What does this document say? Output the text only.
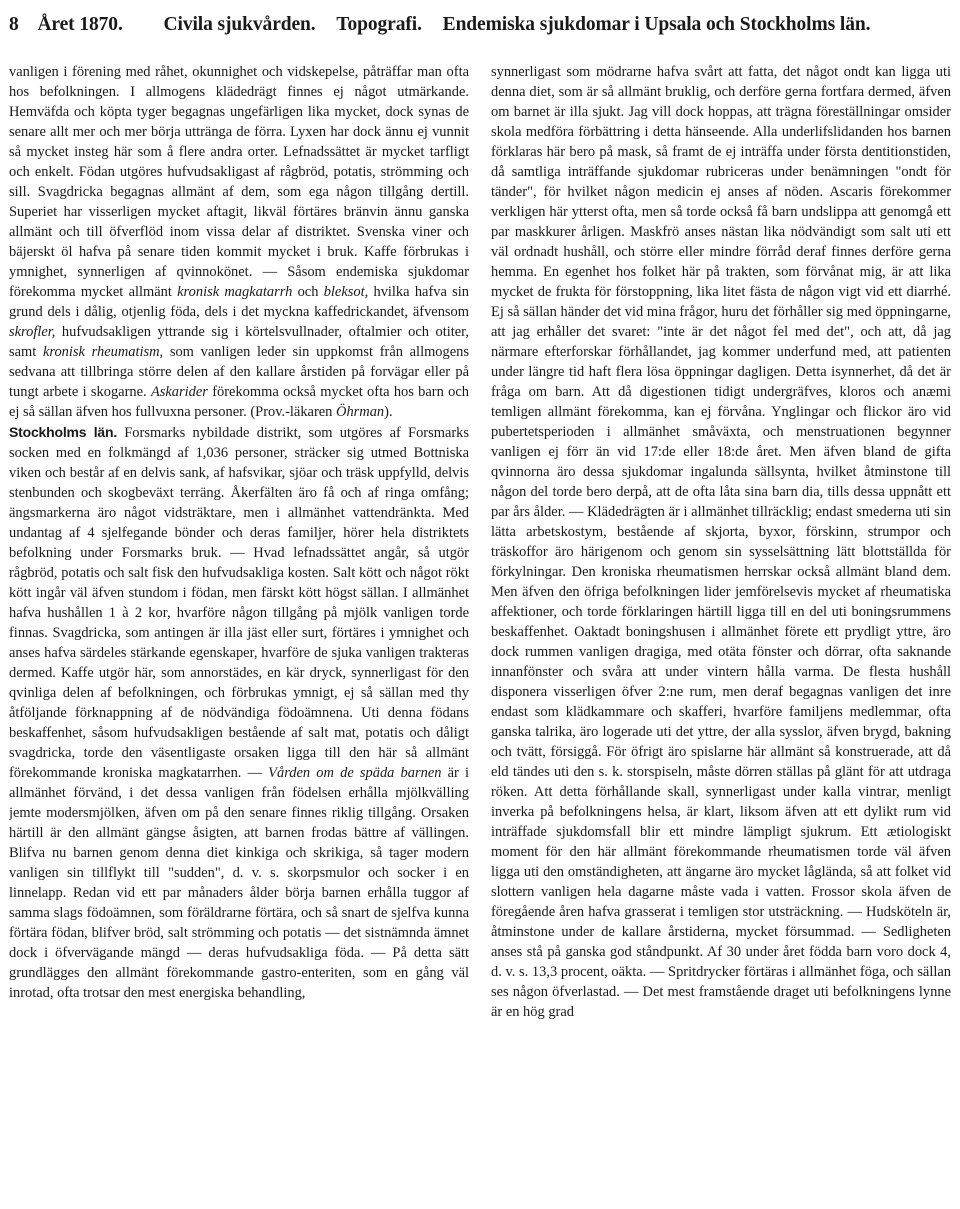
8 Året 1870. Civila sjukvården. Topografi. Endemiska sjukdomar i Upsala och Stockholms län.

vanligen i förening med råhet, okunnighet och vidskepelse, påträffar man ofta hos befolkningen. I allmogens klädedrägt finnes ej något utmärkande. Hemväfda och köpta tyger begagnas ungefärligen lika mycket, dock synas de senare allt mer och mer börja utträngа de förra. Lyxen har dock ännu ej vunnit så mycket insteg här som å flere andra orter. Lefnadssättet är mycket tarfligt och enkelt. Födan utgöres hufvudsakligast af rågbröd, potatis, strömming och sill. Svagdricka begagnas allmänt af dem, som ega någon tillgång dertill. Superiet har visserligen mycket aftagit, likväl förtäres bränvin ännu ganska allmänt och till öfverflöd inom vissa delar af distriktet. Svenska viner och bäjerskt öl hafva på senare tiden kommit mycket i bruk. Kaffe förbrukas i ymnighet, synnerligen af qvinnokönet. — Såsom endemiska sjukdomar förekomma mycket allmänt kronisk magkatarrh och bleksot, hvilka hafva sin grund dels i dålig, otjenlig föda, dels i det myckna kaffedrickandet, äfvensom skrofler, hufvudsakligen yttrande sig i körtelsvullnader, oftalmier och otiter, samt kronisk rheumatism, som vanligen leder sin uppkomst från allmogens sedvana att tillbringa större delen af den kallare årstiden på forvägar eller på tungt arbete i skogarne. Askarider förekomma också mycket ofta hos barn och ej så sällan äfven hos fullvuxna personer. (Prov.-läkaren Öhrman).

Stockholms län. Forsmarks nybildade distrikt, som utgöres af Forsmarks socken med en folkmängd af 1,036 personer, sträcker sig utmed Bottniska viken och består af en delvis sank, af hafsvikar, sjöar och träsk uppfylld, delvis stenbunden och skogbeväxt terräng. Åkerfälten äro få och af ringa omfång; ängsmarkerna äro något vidsträktare, men i allmänhet vattendränkta. Med undantag af 4 sjelfegande bönder och deras familjer, hörer hela distriktets befolkning under Forsmarks bruk. — Hvad lefnadssättet angår, så utgör rågbröd, potatis och salt fisk den hufvudsakliga kosten. Salt kött och något rökt kött ingår väl äfven stundom i födan, men färskt kött högst sällan. I allmänhet hafva hushållen 1 à 2 kor, hvarföre någon tillgång på mjölk vanligen torde finnas. Svagdricka, som antingen är illa jäst eller surt, förtäres i ymnighet och anses hafva särdeles stärkande egenskaper, hvarföre de sjuka vanligen trakteras dermed. Kaffe utgör här, som annorstädes, en kär dryck, synnerligast för den qvinliga delen af befolkningen, och förbrukas ymnigt, ej så sällan med thy åtföljande förknappning af de nödvändiga födoämnena. Uti denna födans beskaffenhet, såsom hufvudsakligen bestående af salt mat, potatis och dåligt svagdricka, torde den väsentligaste orsaken ligga till den här så allmänt förekommande kroniska magkatarrhen. — Vården om de späda barnen är i allmänhet förvänd, i det dessa vanligen från födelsen erhålla mjölkvälling jemte modersmjölken, äfven om på den senare finnes riklig tillgång. Orsaken härtill är den allmänt gängse åsigten, att barnen frodas bättre af vällingen. Blifva nu barnen genom denna diet kinkiga och skrikiga, så tager modern vanligen sin tillflykt till "sudden", d. v. s. skorpsmulor och socker i en linnelapp. Redan vid ett par månaders ålder börja barnen erhålla tuggor af samma slags födoämnen, som föräldrarne förtära, och så snart de sjelfva kunna förtära födan, blifver bröd, salt strömming och potatis — det sistnämnda ämnet dock i öfvervägande mängd — deras hufvudsakliga föda. — På detta sätt grundlägges den allmänt förekommande gastro-enteriten, som en gång väl inrotad, ofta trotsar den mest energiska behandling,

synnerligast som mödrarne hafva svårt att fatta, det något ondt kan ligga uti denna diet, som är så allmänt bruklig, och derföre gerna fortfara dermed, äfven om barnet är illa sjukt. Jag vill dock hoppas, att trägna föreställningar omsider skola medföra förbättring i detta hänseende. Alla underlifslidanden hos barnen förklaras här bero på mask, så framt de ej inträffa under första dentitionstiden, då samtliga inträffande sjukdomar rubriceras under benämningen "ondt för tänder", för hvilket någon medicin ej anses af nöden. Ascaris förekommer verkligen här ytterst ofta, men så torde också få barn undslippa att genomgå ett par maskkurer årligen. Maskfrö anses nästan lika nödvändigt som salt uti ett väl ordnadt hushåll, och större eller mindre förråd deraf finnes derföre gerna hemma. En egenhet hos folket här på trakten, som förvånat mig, är att lika mycket de frukta för förstoppning, lika litet fästa de någon vigt vid ett diarrhé. Ej så sällan händer det vid mina frågor, huru det förhåller sig med öppningarne, att jag erhåller det svaret: "inte är det något fel med det", och att, då jag närmare efterforskar förhållandet, jag kommer underfund med, att patienten under längre tid haft flera lösa öppningar dagligen. Detta isynnerhet, då det är fråga om barn. Att då digestionen tidigt undergräfves, kloros och anæmi temligen allmänt förekomma, kan ej förvåna. Ynglingar och flickor äro vid pubertetsperioden i allmänhet småväxta, och menstruationen begynner vanligen ej förr än vid 17:de eller 18:de året. Men äfven bland de gifta qvinnorna äro dessa sjukdomar ingalunda sällsynta, hvilket åtminstone till någon del torde bero derpå, att de ofta låta sina barn dia, tills dessa uppnått ett par års ålder. — Klädedrägten är i allmänhet tillräcklig; endast smederna uti sin lätta arbetskostym, bestående af skjorta, byxor, förskinn, strumpor och träskoffor äro härigenom och genom sin sysselsättning lätt blottställda för förkylningar. Den kroniska rheumatismen herrskar också allmänt bland dem. Men äfven den öfriga befolkningen lider jemförelsevis mycket af rheumatiska affektioner, och torde förklaringen härtill ligga till en del uti boningsrummens beskaffenhet. Oaktadt boningshusen i allmänhet förete ett prydligt yttre, äro dock rummen vanligen dragiga, med otäta fönster och dörrar, ofta saknande innanfönster och svåra att under vintern hålla varma. De flesta hushåll disponera visserligen öfver 2:ne rum, men deraf begagnas vanligen det inre endast som klädkammare och skafferi, hvarföre familjens medlemmar, ofta ganska talrika, äro logerade uti det yttre, der alla sysslor, äfven brygd, bakning och tvätt, försiggå. För öfrigt äro spislarne här allmänt så konstruerade, att då eld tändes uti den s. k. storspiseln, måste dörren ställas på glänt för att utdraga röken. Att detta förhållande skall, synnerligast under kalla vintrar, menligt inverka på befolkningens helsa, är klart, liksom äfven att ett dylikt rum vid inträffade sjukdomsfall blir ett mindre lämpligt sjukrum. Ett ætiologiskt moment för den här allmänt förekommande rheumatismen torde väl äfven ligga uti den omständigheten, att ängarne äro mycket låglända, så att folket vid slottern vanligen hela dagarne måste vada i vatten. Frossor skola äfven de föregående åren hafva grasserat i temligen stor utsträckning. — Hudsköteln är, åtminstone under de kallare årstiderna, mycket försummad. — Sedligheten anses stå på ganska god ståndpunkt. Af 30 under året födda barn voro dock 4, d. v. s. 13,3 procent, oäkta. — Spritdrycker förtäras i allmänhet föga, och sällan ses någon öfverlastad. — Det mest framstående draget uti befolkningens lynne är en hög grad
